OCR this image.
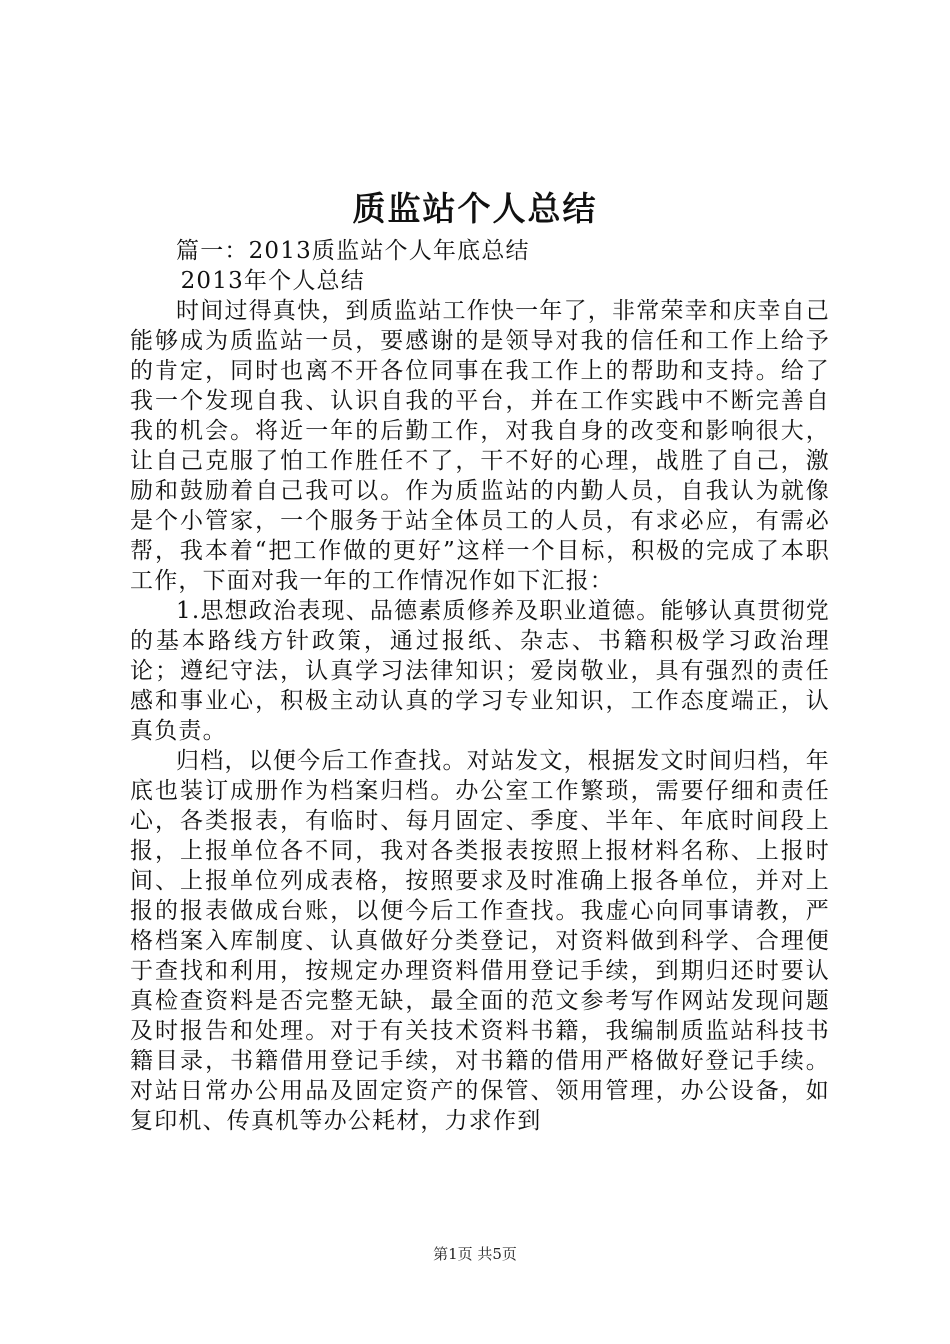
质监站个人总结

篇一：2013质监站个人年底总结

2013年个人总结

时间过得真快，到质监站工作快一年了，非常荣幸和庆幸自己能够成为质监站一员，要感谢的是领导对我的信任和工作上给予的肯定，同时也离不开各位同事在我工作上的帮助和支持。给了我一个发现自我、认识自我的平台，并在工作实践中不断完善自我的机会。将近一年的后勤工作，对我自身的改变和影响很大，让自己克服了怕工作胜任不了，干不好的心理，战胜了自己，激励和鼓励着自己我可以。作为质监站的内勤人员，自我认为就像是个小管家，一个服务于站全体员工的人员，有求必应，有需必帮，我本着“把工作做的更好”这样一个目标，积极的完成了本职工作，下面对我一年的工作情况作如下汇报：

1.思想政治表现、品德素质修养及职业道德。能够认真贯彻党的基本路线方针政策，通过报纸、杂志、书籍积极学习政治理论；遵纪守法，认真学习法律知识；爱岗敬业，具有强烈的责任感和事业心，积极主动认真的学习专业知识，工作态度端正，认真负责。

归档，以便今后工作查找。对站发文，根据发文时间归档，年底也装订成册作为档案归档。办公室工作繁琐，需要仔细和责任心，各类报表，有临时、每月固定、季度、半年、年底时间段上报，上报单位各不同，我对各类报表按照上报材料名称、上报时间、上报单位列成表格，按照要求及时准确上报各单位，并对上报的报表做成台账，以便今后工作查找。我虚心向同事请教，严格档案入库制度、认真做好分类登记，对资料做到科学、合理便于查找和利用，按规定办理资料借用登记手续，到期归还时要认真检查资料是否完整无缺，最全面的范文参考写作网站发现问题及时报告和处理。对于有关技术资料书籍，我编制质监站科技书籍目录，书籍借用登记手续，对书籍的借用严格做好登记手续。对站日常办公用品及固定资产的保管、领用管理，办公设备，如复印机、传真机等办公耗材，力求作到

第1页 共5页
